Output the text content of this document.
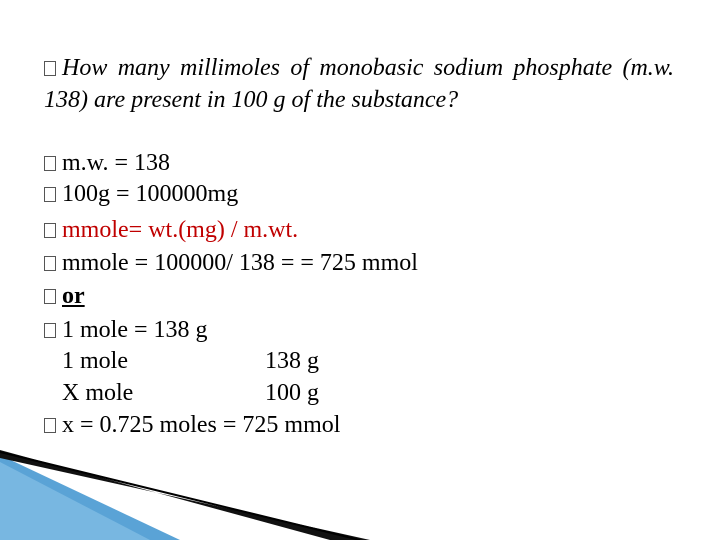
How many millimoles of monobasic sodium phosphate (m.w. 138) are present in 100 g of the substance?
m.w. = 138
100g = 100000mg
mmole= wt.(mg) / m.wt.
mmole = 100000/ 138 = = 725 mmol
or
1 mole = 138 g
1 mole	138 g
X mole	100 g
x = 0.725 moles = 725 mmol
